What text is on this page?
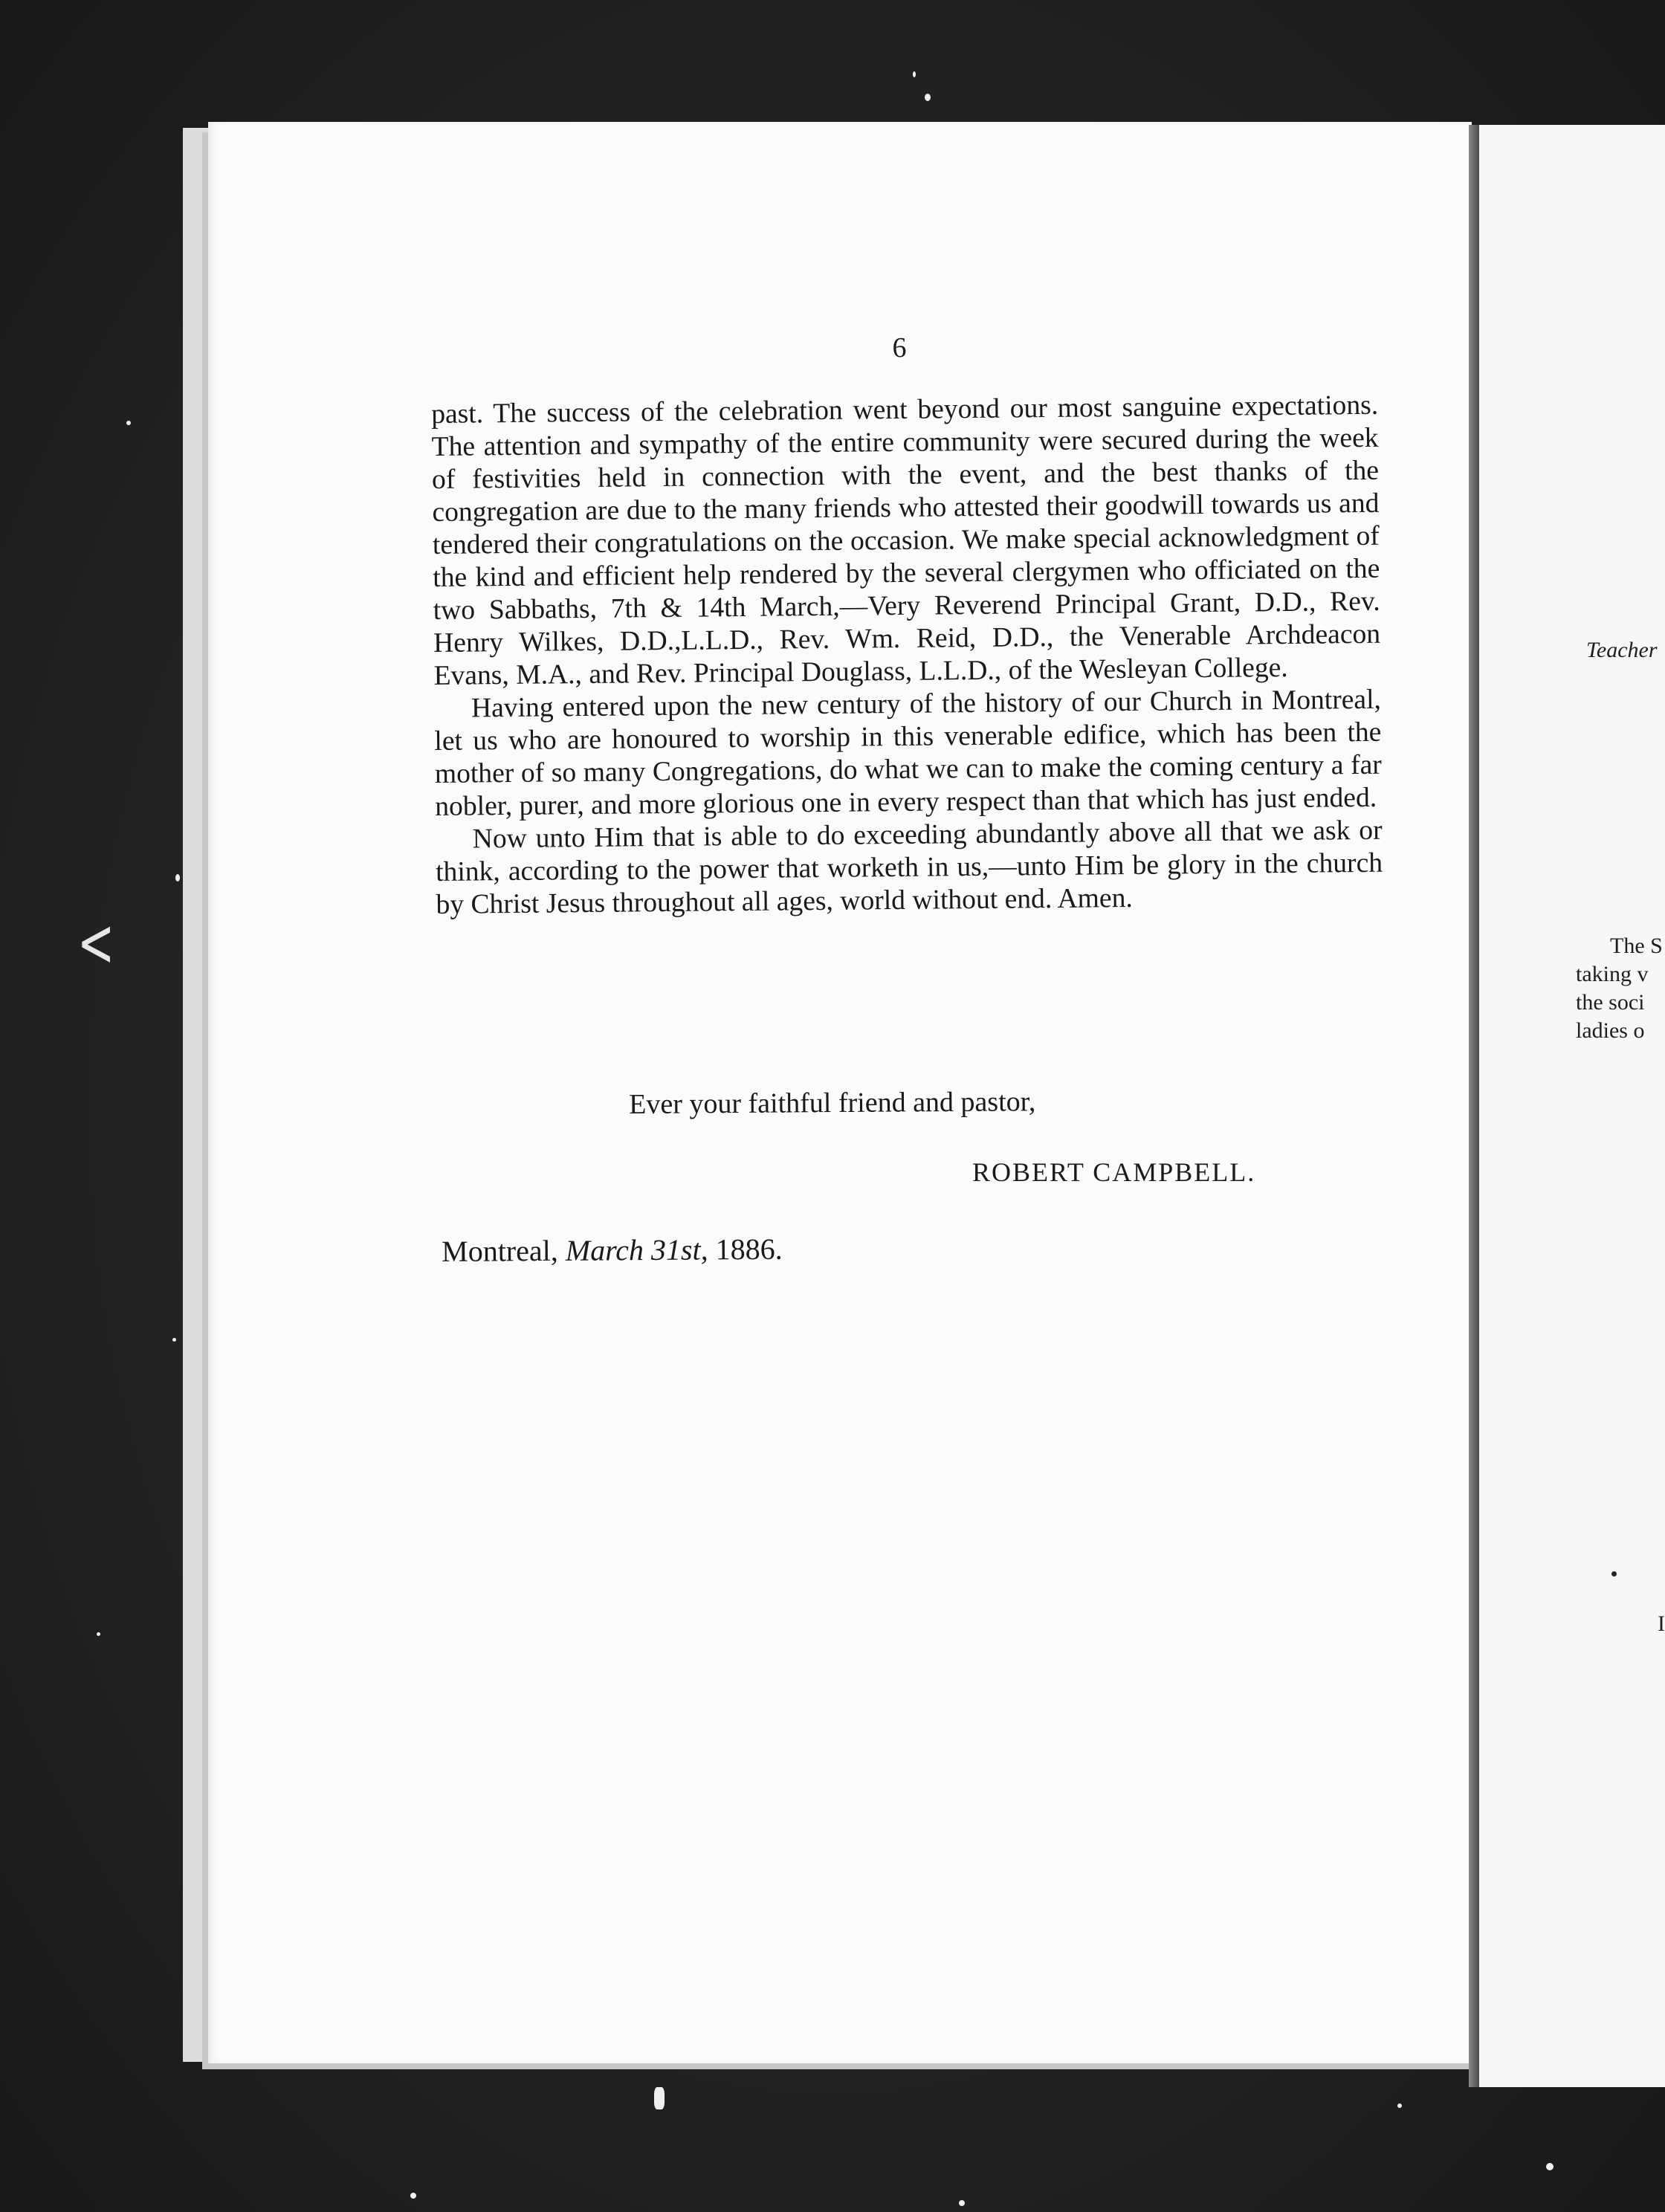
<
Teacher
The S
taking v
the soci
ladies o
I
6

past. The success of the celebration went beyond our most sanguine expectations. The attention and sympathy of the entire community were secured during the week of festivities held in connection with the event, and the best thanks of the congregation are due to the many friends who attested their goodwill towards us and tendered their congratulations on the occasion. We make special acknowledgment of the kind and efficient help rendered by the several clergymen who officiated on the two Sabbaths, 7th & 14th March,—Very Reverend Principal Grant, D.D., Rev. Henry Wilkes, D.D.,L.L.D., Rev. Wm. Reid, D.D., the Venerable Archdeacon Evans, M.A., and Rev. Principal Douglass, L.L.D., of the Wesleyan College.

Having entered upon the new century of the history of our Church in Montreal, let us who are honoured to worship in this venerable edifice, which has been the mother of so many Congregations, do what we can to make the coming century a far nobler, purer, and more glorious one in every respect than that which has just ended.

Now unto Him that is able to do exceeding abundantly above all that we ask or think, according to the power that worketh in us,—unto Him be glory in the church by Christ Jesus throughout all ages, world without end. Amen.

Ever your faithful friend and pastor,
ROBERT CAMPBELL.
Montreal, March 31st, 1886.
